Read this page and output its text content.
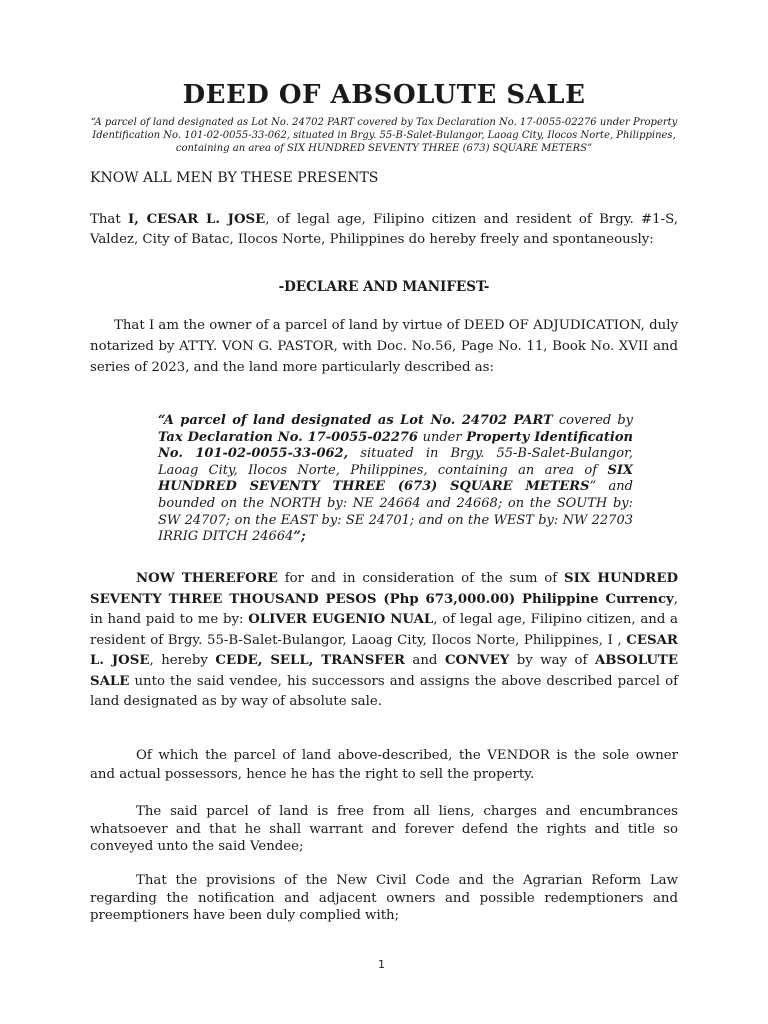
DEED OF ABSOLUTE SALE
“A parcel of land designated as Lot No. 24702 PART covered by Tax Declaration No. 17-0055-02276 under Property
Identification No. 101-02-0055-33-062, situated in Brgy. 55-B-Salet-Bulangor, Laoag City, Ilocos Norte, Philippines,
containing an area of SIX HUNDRED SEVENTY THREE (673) SQUARE METERS”
KNOW ALL MEN BY THESE PRESENTS
That I, CESAR L. JOSE, of legal age, Filipino citizen and resident of Brgy. #1-S, Valdez, City of Batac, Ilocos Norte, Philippines do hereby freely and spontaneously:
-DECLARE AND MANIFEST-
That I am the owner of a parcel of land by virtue of DEED OF ADJUDICATION, duly notarized by ATTY. VON G. PASTOR, with Doc. No.56, Page No. 11, Book No. XVII and series of 2023, and the land more particularly described as:
“A parcel of land designated as Lot No. 24702 PART covered by Tax Declaration No. 17-0055-02276 under Property Identification No. 101-02-0055-33-062, situated in Brgy. 55-B-Salet-Bulangor, Laoag City, Ilocos Norte, Philippines, containing an area of SIX HUNDRED SEVENTY THREE (673) SQUARE METERS” and bounded on the NORTH by: NE 24664 and 24668; on the SOUTH by: SW 24707; on the EAST by: SE 24701; and on the WEST by: NW 22703 IRRIG DITCH 24664”;
NOW THEREFORE for and in consideration of the sum of SIX HUNDRED SEVENTY THREE THOUSAND PESOS (Php 673,000.00) Philippine Currency, in hand paid to me by: OLIVER EUGENIO NUAL, of legal age, Filipino citizen, and a resident of Brgy. 55-B-Salet-Bulangor, Laoag City, Ilocos Norte, Philippines, I , CESAR L. JOSE, hereby CEDE, SELL, TRANSFER and CONVEY by way of ABSOLUTE SALE unto the said vendee, his successors and assigns the above described parcel of land designated as by way of absolute sale.
Of which the parcel of land above-described, the VENDOR is the sole owner and actual possessors, hence he has the right to sell the property.
The said parcel of land is free from all liens, charges and encumbrances whatsoever and that he shall warrant and forever defend the rights and title so conveyed unto the said Vendee;
That the provisions of the New Civil Code and the Agrarian Reform Law regarding the notification and adjacent owners and possible redemptioners and preemptioners have been duly complied with;
1
